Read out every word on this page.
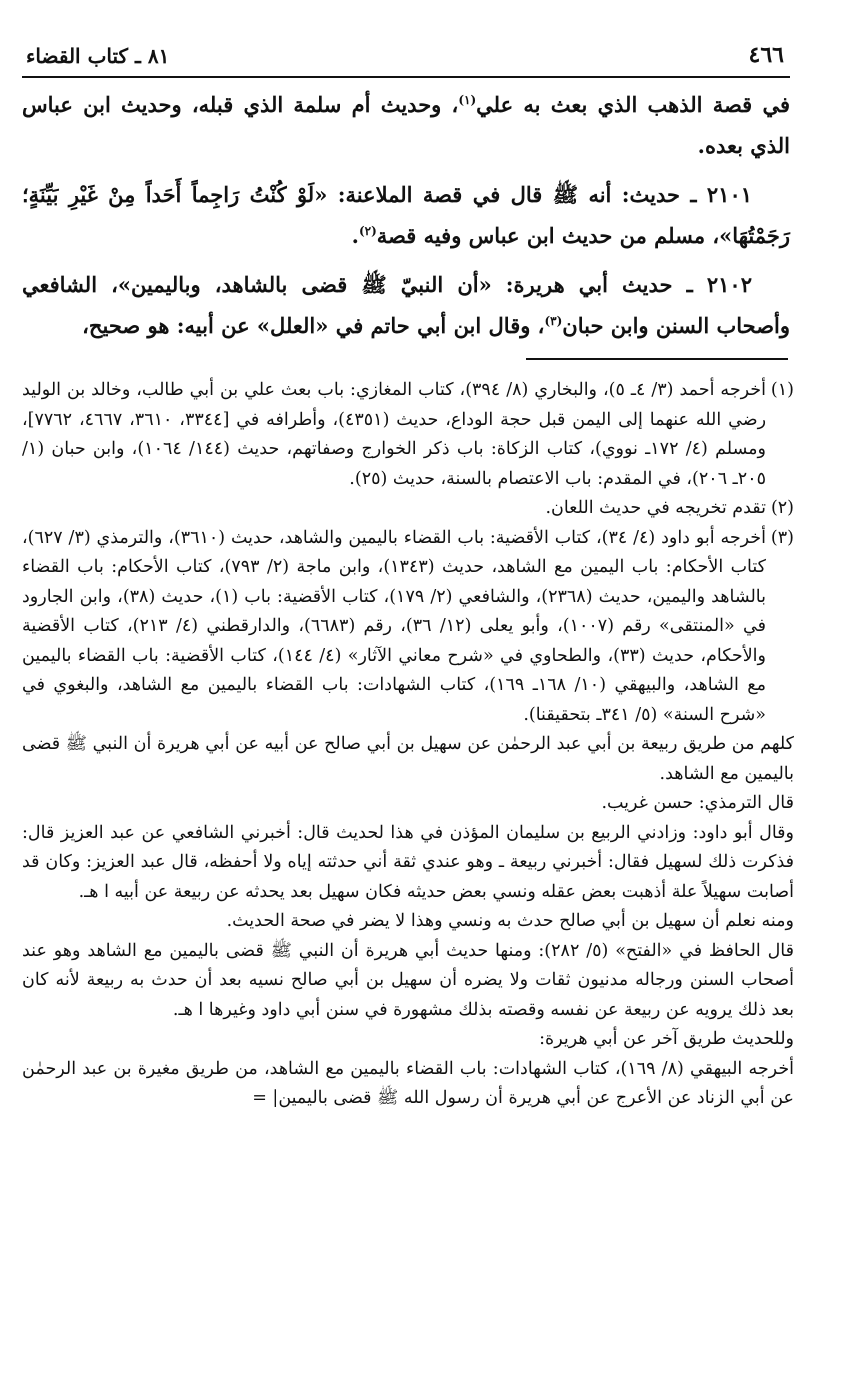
٤٦٦
٨١ ـ كتاب القضاء

في قصة الذهب الذي بعث به علي$^{(١)}$، وحديث أم سلمة الذي قبله، وحديث ابن عباس الذي بعده.

٢١٠١ ـ حديث: أنه ﷺ قال في قصة الملاعنة: «لَوْ كُنْتُ رَاجِماً أَحَداً مِنْ غَيْرِ بَيِّنَةٍ؛ رَجَمْتُهَا»، مسلم من حديث ابن عباس وفيه قصة$^{(٢)}$.

٢١٠٢ ـ حديث أبي هريرة: «أن النبيّ ﷺ قضى بالشاهد، وباليمين»، الشافعي وأصحاب السنن وابن حبان$^{(٣)}$، وقال ابن أبي حاتم في «العلل» عن أبيه: هو صحيح،

(١)أخرجه أحمد (٣/ ٤ـ ٥)، والبخاري (٨/ ٣٩٤)، كتاب المغازي: باب بعث علي بن أبي طالب، وخالد بن الوليد رضي الله عنهما إلى اليمن قبل حجة الوداع، حديث (٤٣٥١)، وأطرافه في [٣٣٤٤، ٣٦١٠، ٤٦٦٧، ٧٧٦٢]، ومسلم (٤/ ١٧٢ـ نووي)، كتاب الزكاة: باب ذكر الخوارج وصفاتهم، حديث (١٤٤/ ١٠٦٤)، وابن حبان (١/ ٢٠٥ـ ٢٠٦)، في المقدم: باب الاعتصام بالسنة، حديث (٢٥).

(٢)تقدم تخريجه في حديث اللعان.

(٣)أخرجه أبو داود (٤/ ٣٤)، كتاب الأقضية: باب القضاء باليمين والشاهد، حديث (٣٦١٠)، والترمذي (٣/ ٦٢٧)، كتاب الأحكام: باب اليمين مع الشاهد، حديث (١٣٤٣)، وابن ماجة (٢/ ٧٩٣)، كتاب الأحكام: باب القضاء بالشاهد واليمين، حديث (٢٣٦٨)، والشافعي (٢/ ١٧٩)، كتاب الأقضية: باب (١)، حديث (٣٨)، وابن الجارود في «المنتقى» رقم (١٠٠٧)، وأبو يعلى (١٢/ ٣٦)، رقم (٦٦٨٣)، والدارقطني (٤/ ٢١٣)، كتاب الأقضية والأحكام، حديث (٣٣)، والطحاوي في «شرح معاني الآثار» (٤/ ١٤٤)، كتاب الأقضية: باب القضاء باليمين مع الشاهد، والبيهقي (١٠/ ١٦٨ـ ١٦٩)، كتاب الشهادات: باب القضاء باليمين مع الشاهد، والبغوي في «شرح السنة» (٥/ ٣٤١ـ بتحقيقنا).

كلهم من طريق ربيعة بن أبي عبد الرحمٰن عن سهيل بن أبي صالح عن أبيه عن أبي هريرة أن النبي ﷺ قضى باليمين مع الشاهد.

قال الترمذي: حسن غريب.

وقال أبو داود: وزادني الربيع بن سليمان المؤذن في هذا لحديث قال: أخبرني الشافعي عن عبد العزيز قال: فذكرت ذلك لسهيل فقال: أخبرني ربيعة ـ وهو عندي ثقة أني حدثته إياه ولا أحفظه، قال عبد العزيز: وكان قد أصابت سهيلاً علة أذهبت بعض عقله ونسي بعض حديثه فكان سهيل بعد يحدثه عن ربيعة عن أبيه ا هـ.

ومنه نعلم أن سهيل بن أبي صالح حدث به ونسي وهذا لا يضر في صحة الحديث.

قال الحافظ في «الفتح» (٥/ ٢٨٢): ومنها حديث أبي هريرة أن النبي ﷺ قضى باليمين مع الشاهد وهو عند أصحاب السنن ورجاله مدنيون ثقات ولا يضره أن سهيل بن أبي صالح نسيه بعد أن حدث به ربيعة لأنه كان بعد ذلك يرويه عن ربيعة عن نفسه وقصته بذلك مشهورة في سنن أبي داود وغيرها ا هـ.

وللحديث طريق آخر عن أبي هريرة:

أخرجه البيهقي (٨/ ١٦٩)، كتاب الشهادات: باب القضاء باليمين مع الشاهد، من طريق مغيرة بن عبد الرحمٰن عن أبي الزناد عن الأعرج عن أبي هريرة أن رسول الله ﷺ قضى باليمين| =
